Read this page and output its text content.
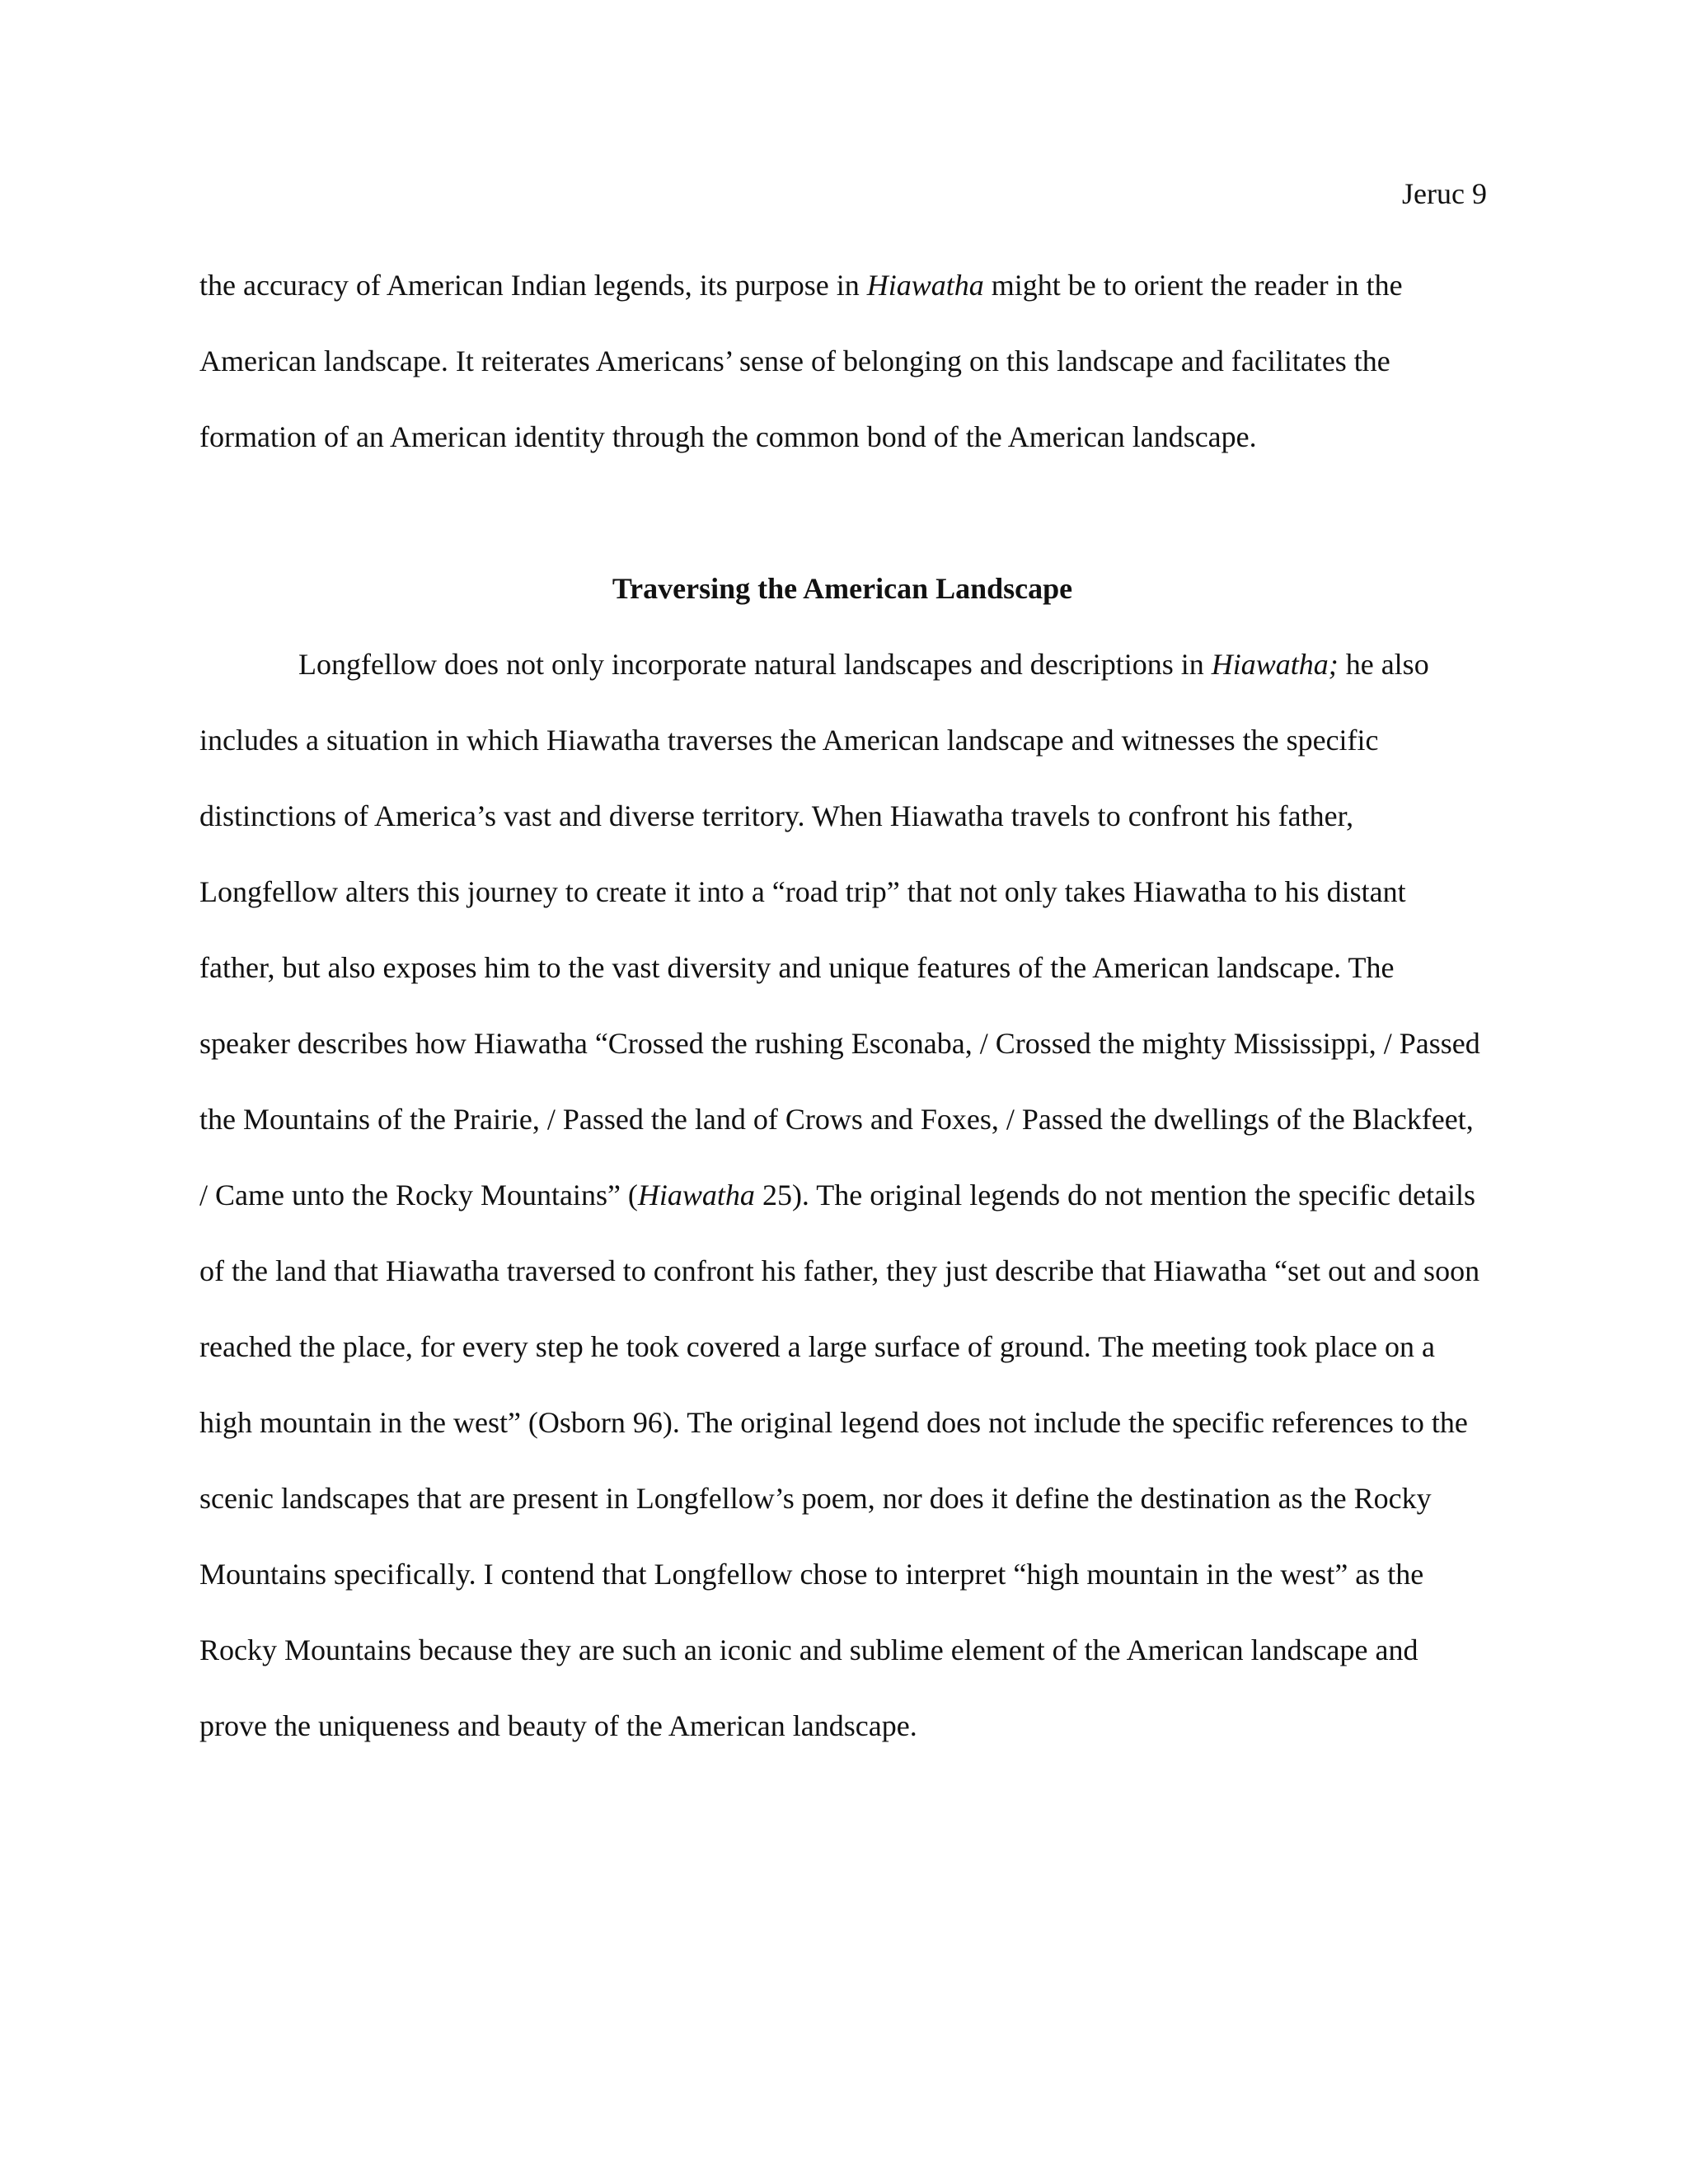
Jeruc 9

the accuracy of American Indian legends, its purpose in Hiawatha might be to orient the reader in the American landscape. It reiterates Americans’ sense of belonging on this landscape and facilitates the formation of an American identity through the common bond of the American landscape.

Traversing the American Landscape

Longfellow does not only incorporate natural landscapes and descriptions in Hiawatha; he also includes a situation in which Hiawatha traverses the American landscape and witnesses the specific distinctions of America’s vast and diverse territory. When Hiawatha travels to confront his father, Longfellow alters this journey to create it into a “road trip” that not only takes Hiawatha to his distant father, but also exposes him to the vast diversity and unique features of the American landscape. The speaker describes how Hiawatha “Crossed the rushing Esconaba, / Crossed the mighty Mississippi, / Passed the Mountains of the Prairie, / Passed the land of Crows and Foxes, / Passed the dwellings of the Blackfeet, / Came unto the Rocky Mountains” (Hiawatha 25). The original legends do not mention the specific details of the land that Hiawatha traversed to confront his father, they just describe that Hiawatha “set out and soon reached the place, for every step he took covered a large surface of ground. The meeting took place on a high mountain in the west” (Osborn 96). The original legend does not include the specific references to the scenic landscapes that are present in Longfellow’s poem, nor does it define the destination as the Rocky Mountains specifically. I contend that Longfellow chose to interpret “high mountain in the west” as the Rocky Mountains because they are such an iconic and sublime element of the American landscape and prove the uniqueness and beauty of the American landscape.
